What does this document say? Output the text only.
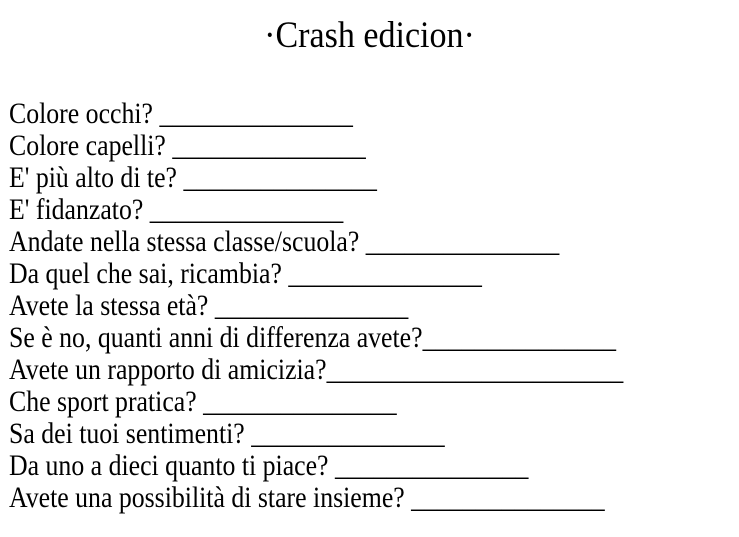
·Crash edicion·
Colore occhi? _______________
Colore capelli? _______________
E' più alto di te? _______________
E' fidanzato? _______________
Andate nella stessa classe/scuola? _______________
Da quel che sai, ricambia? _______________
Avete la stessa età? _______________
Se è no, quanti anni di differenza avete?_______________
Avete un rapporto di amicizia?_______________________
Che sport pratica? _______________
Sa dei tuoi sentimenti? _______________
Da uno a dieci quanto ti piace? _______________
Avete una possibilità di stare insieme? _______________
